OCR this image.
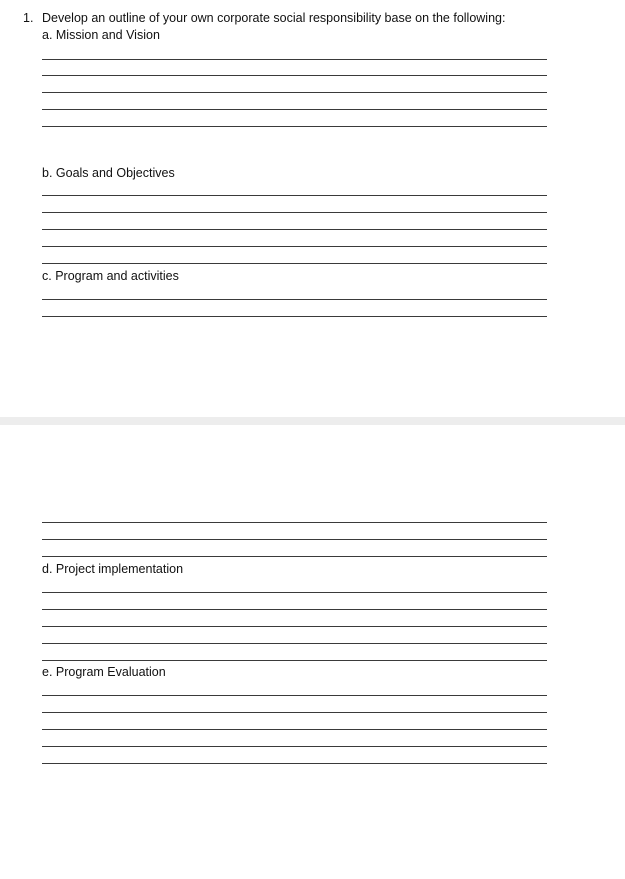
1. Develop an outline of your own corporate social responsibility base on the following:

a. Mission and Vision

b. Goals and Objectives

c. Program and activities

d. Project implementation

e. Program Evaluation
